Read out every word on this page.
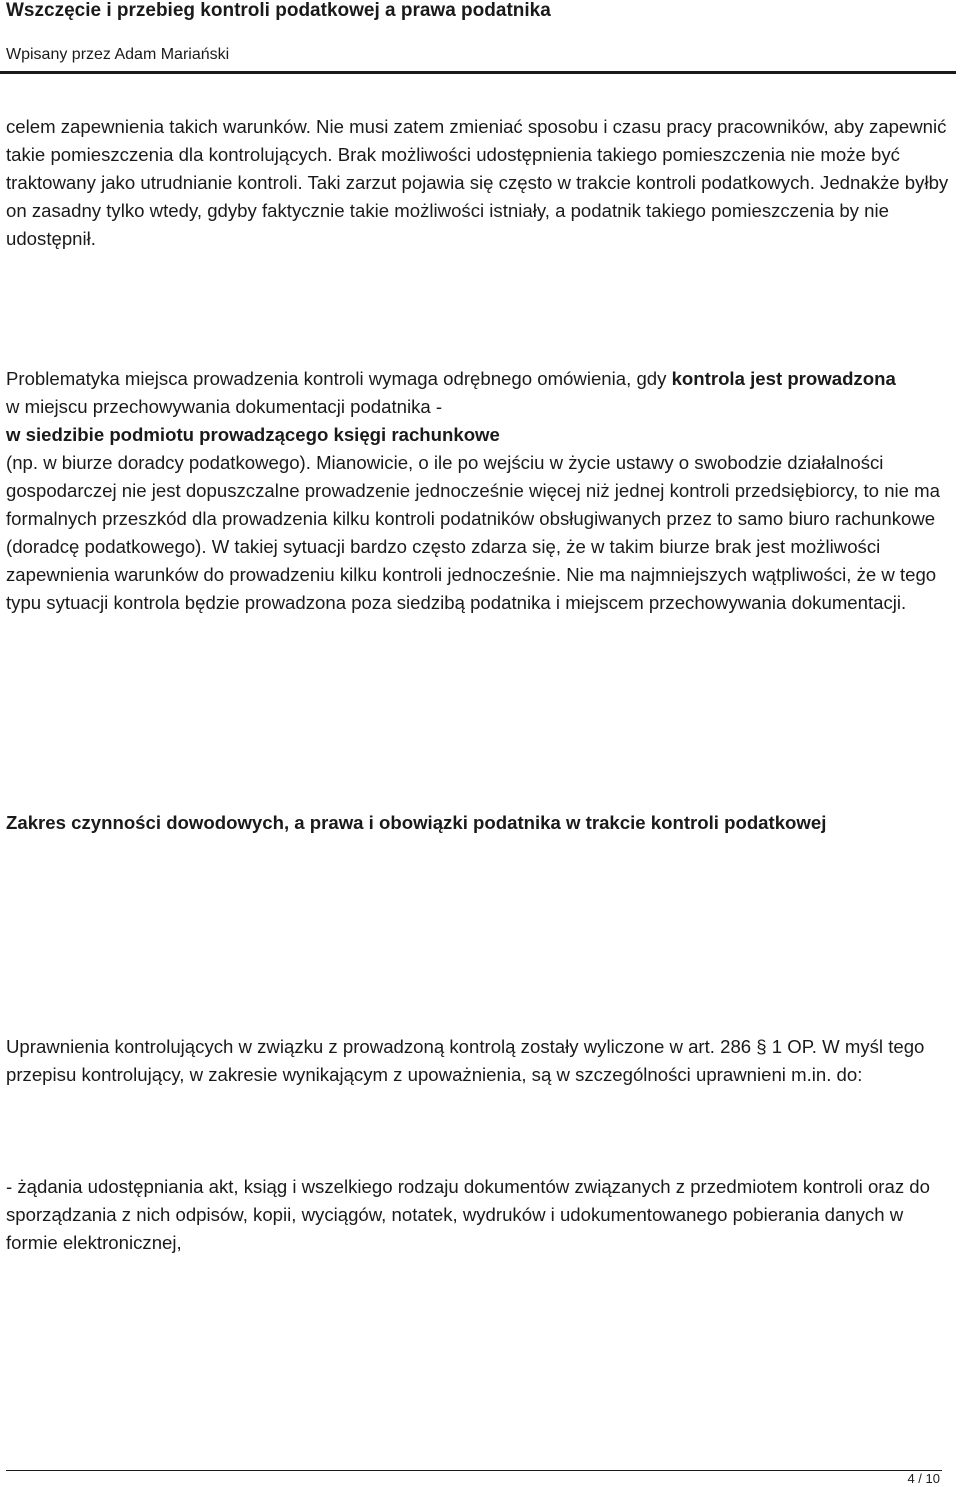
Wszczęcie i przebieg kontroli podatkowej a prawa podatnika
Wpisany przez Adam Mariański

celem zapewnienia takich warunków. Nie musi zatem zmieniać sposobu i czasu pracy pracowników, aby zapewnić takie pomieszczenia dla kontrolujących. Brak możliwości udostępnienia takiego pomieszczenia nie może być traktowany jako utrudnianie kontroli. Taki zarzut pojawia się często w trakcie kontroli podatkowych. Jednakże byłby on zasadny tylko wtedy, gdyby faktycznie takie możliwości istniały, a podatnik takiego pomieszczenia by nie udostępnił.

Problematyka miejsca prowadzenia kontroli wymaga odrębnego omówienia, gdy kontrola jest prowadzona
w miejscu przechowywania dokumentacji podatnika -
w siedzibie podmiotu prowadzącego księgi rachunkowe
(np. w biurze doradcy podatkowego). Mianowicie, o ile po wejściu w życie ustawy o swobodzie działalności gospodarczej nie jest dopuszczalne prowadzenie jednocześnie więcej niż jednej kontroli przedsiębiorcy, to nie ma formalnych przeszkód dla prowadzenia kilku kontroli podatników obsługiwanych przez to samo biuro rachunkowe (doradcę podatkowego). W takiej sytuacji bardzo często zdarza się, że w takim biurze brak jest możliwości zapewnienia warunków do prowadzeniu kilku kontroli jednocześnie. Nie ma najmniejszych wątpliwości, że w tego typu sytuacji kontrola będzie prowadzona poza siedzibą podatnika i miejscem przechowywania dokumentacji.

Zakres czynności dowodowych, a prawa i obowiązki podatnika w trakcie kontroli podatkowej

Uprawnienia kontrolujących w związku z prowadzoną kontrolą zostały wyliczone w art. 286 § 1 OP. W myśl tego przepisu kontrolujący, w zakresie wynikającym z upoważnienia, są w szczególności uprawnieni m.in. do:

- żądania udostępniania akt, ksiąg i wszelkiego rodzaju dokumentów związanych z przedmiotem kontroli oraz do sporządzania z nich odpisów, kopii, wyciągów, notatek, wydruków i udokumentowanego pobierania danych w formie elektronicznej,

4 / 10
